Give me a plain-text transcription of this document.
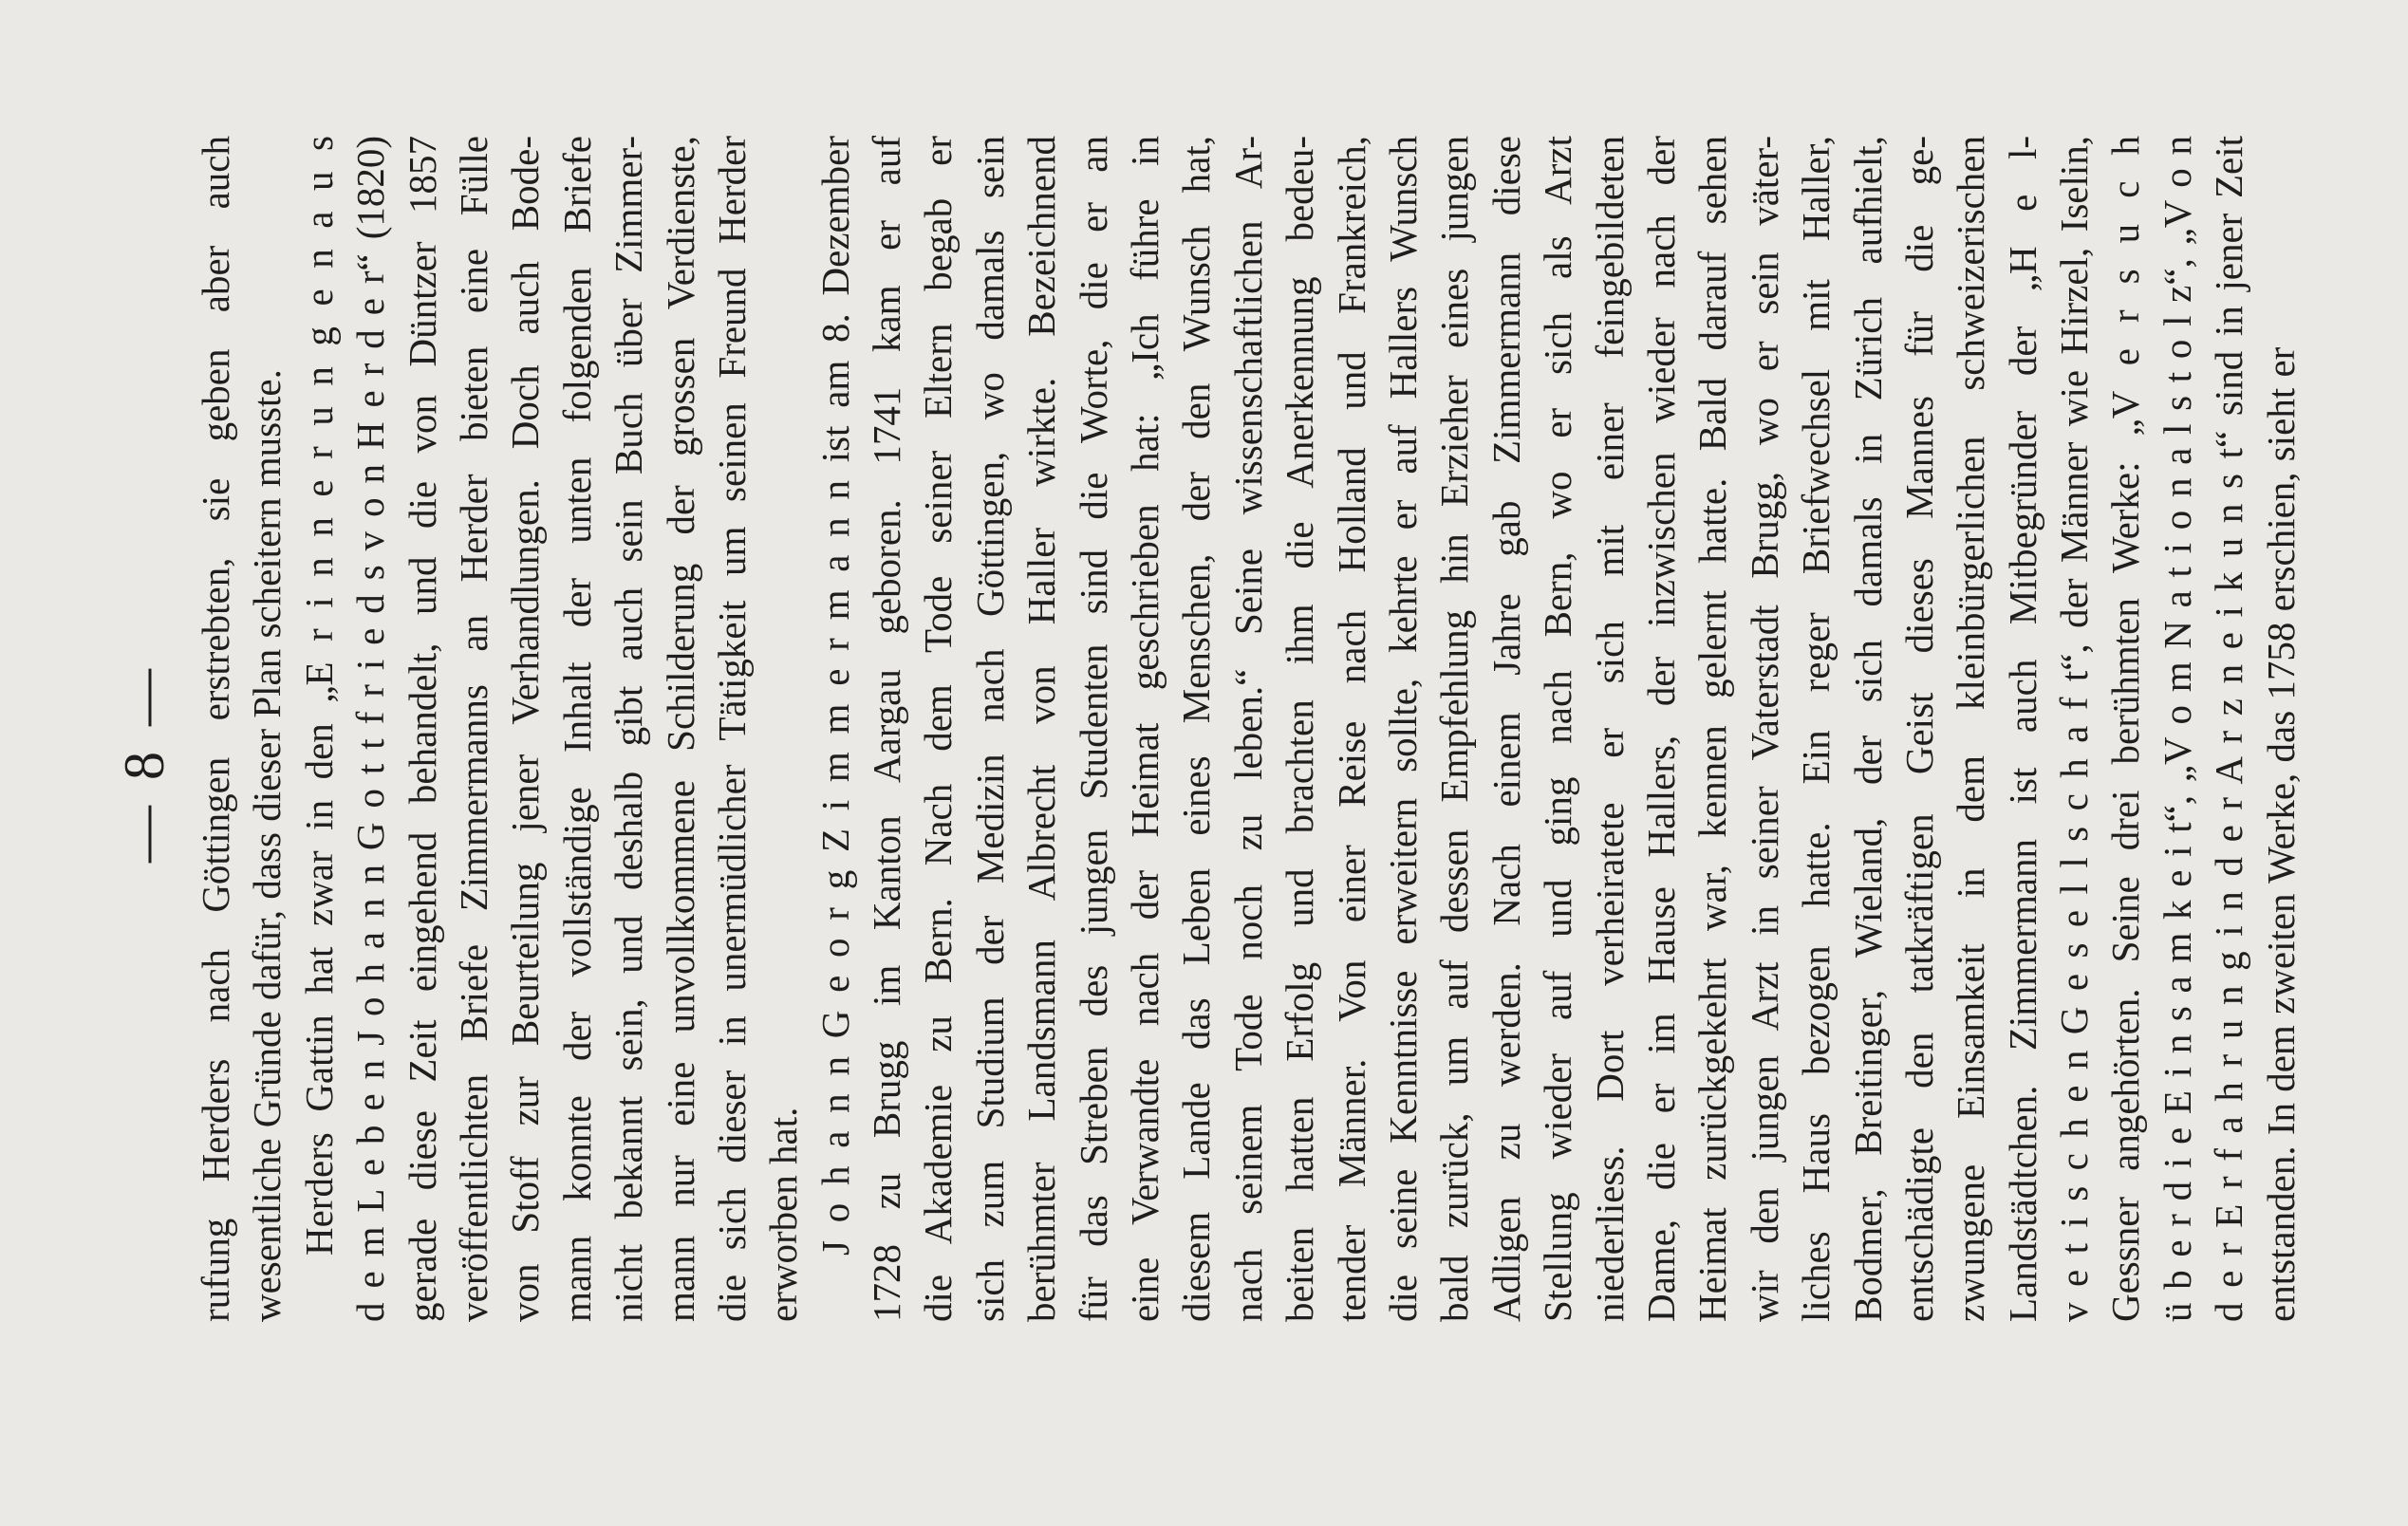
— 8 — rufung Herders nach Göttingen erstrebten, sie geben aber auch wesentliche Gründe dafür, dass dieser Plan scheitern musste. Herders Gattin hat zwar in den „E r i n n e r u n g e n a u s d e m L e b e n J o h a n n G o t t f r i e d s v o n H e r d e r“ (1820) gerade diese Zeit eingehend behandelt, und die von Düntzer 1857 veröffentlichten Briefe Zimmermanns an Herder bieten eine Fülle von Stoff zur Beurteilung jener Verhandlungen. Doch auch Bode- mann konnte der vollständige Inhalt der unten folgenden Briefe nicht bekannt sein, und deshalb gibt auch sein Buch über Zimmer- mann nur eine unvollkommene Schilderung der grossen Verdienste, die sich dieser in unermüdlicher Tätigkeit um seinen Freund Herder erworben hat. J o h a n n G e o r g Z i m m e r m a n n ist am 8. Dezember 1728 zu Brugg im Kanton Aargau geboren. 1741 kam er auf die Akademie zu Bern. Nach dem Tode seiner Eltern begab er sich zum Studium der Medizin nach Göttingen, wo damals sein berühmter Landsmann Albrecht von Haller wirkte. Bezeichnend für das Streben des jungen Studenten sind die Worte, die er an eine Verwandte nach der Heimat geschrieben hat: „Ich führe in diesem Lande das Leben eines Menschen, der den Wunsch hat, nach seinem Tode noch zu leben.“ Seine wissenschaftlichen Ar- beiten hatten Erfolg und brachten ihm die Anerkennung bedeu- tender Männer. Von einer Reise nach Holland und Frankreich, die seine Kenntnisse erweitern sollte, kehrte er auf Hallers Wunsch bald zurück, um auf dessen Empfehlung hin Erzieher eines jungen Adligen zu werden. Nach einem Jahre gab Zimmermann diese Stellung wieder auf und ging nach Bern, wo er sich als Arzt niederliess. Dort verheiratete er sich mit einer feingebildeten Dame, die er im Hause Hallers, der inzwischen wieder nach der Heimat zurückgekehrt war, kennen gelernt hatte. Bald darauf sehen wir den jungen Arzt in seiner Vaterstadt Brugg, wo er sein väter- liches Haus bezogen hatte. Ein reger Briefwechsel mit Haller, Bodmer, Breitinger, Wieland, der sich damals in Zürich aufhielt, entschädigte den tatkräftigen Geist dieses Mannes für die ge- zwungene Einsamkeit in dem kleinbürgerlichen schweizerischen Landstädtchen. Zimmermann ist auch Mitbegründer der „H e l- v e t i s c h e n G e s e l l s c h a f t“, der Männer wie Hirzel, Iselin, Gessner angehörten. Seine drei berühmten Werke: „V e r s u c h ü b e r d i e E i n s a m k e i t“, „V o m N a t i o n a l s t o l z“, „V o n d e r E r f a h r u n g i n d e r A r z n e i k u n s t“ sind in jener Zeit entstanden. In dem zweiten Werke, das 1758 erschien, sieht er
